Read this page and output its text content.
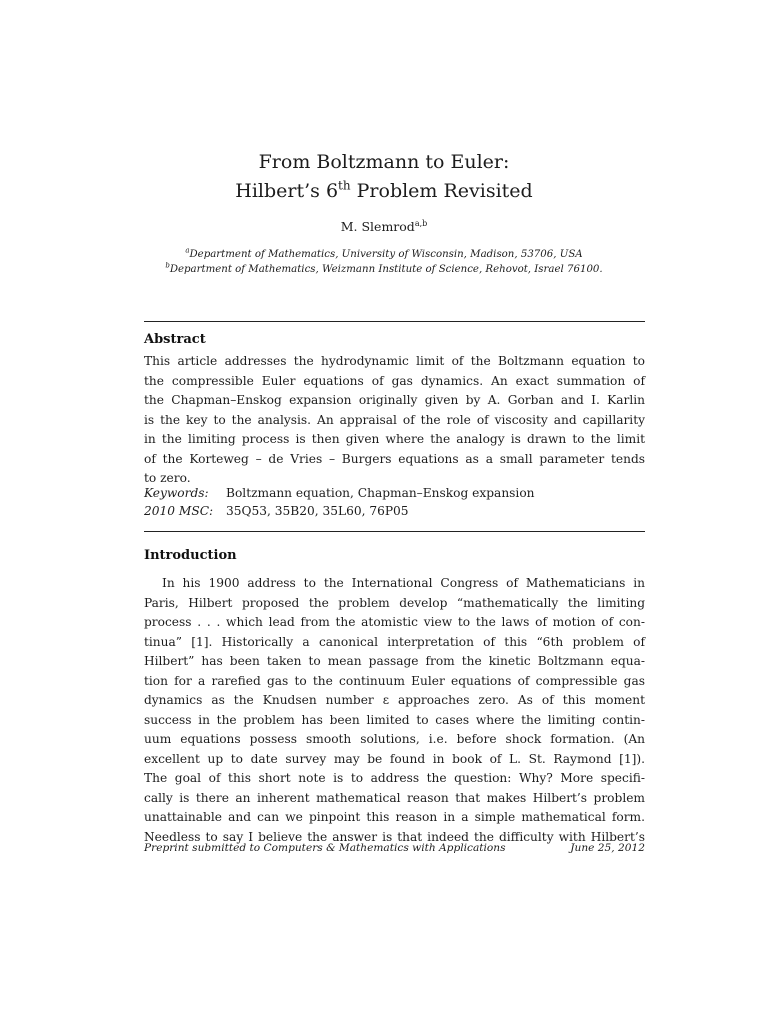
From Boltzmann to Euler:
Hilbert’s 6th Problem Revisited
M. Slemrod$^{a,b}$
$^a$Department of Mathematics, University of Wisconsin, Madison, 53706, USA
$^b$Department of Mathematics, Weizmann Institute of Science, Rehovot, Israel 76100.
Abstract
This article addresses the hydrodynamic limit of the Boltzmann equation to
the compressible Euler equations of gas dynamics. An exact summation of
the Chapman–Enskog expansion originally given by A. Gorban and I. Karlin
is the key to the analysis. An appraisal of the role of viscosity and capillarity
in the limiting process is then given where the analogy is drawn to the limit
of the Korteweg – de Vries – Burgers equations as a small parameter tends
to zero.
Keywords: Boltzmann equation, Chapman–Enskog expansion
2010 MSC: 35Q53, 35B20, 35L60, 76P05
Introduction
In his 1900 address to the International Congress of Mathematicians in
Paris, Hilbert proposed the problem develop “mathematically the limiting
process . . . which lead from the atomistic view to the laws of motion of con-
tinua” [1]. Historically a canonical interpretation of this “6th problem of
Hilbert” has been taken to mean passage from the kinetic Boltzmann equa-
tion for a rarefied gas to the continuum Euler equations of compressible gas
dynamics as the Knudsen number ε approaches zero. As of this moment
success in the problem has been limited to cases where the limiting contin-
uum equations possess smooth solutions, i.e. before shock formation. (An
excellent up to date survey may be found in book of L. St. Raymond [1]).
The goal of this short note is to address the question: Why? More specifi-
cally is there an inherent mathematical reason that makes Hilbert’s problem
unattainable and can we pinpoint this reason in a simple mathematical form.
Needless to say I believe the answer is that indeed the difficulty with Hilbert’s
Preprint submitted to Computers & Mathematics with Applications	June 25, 2012
